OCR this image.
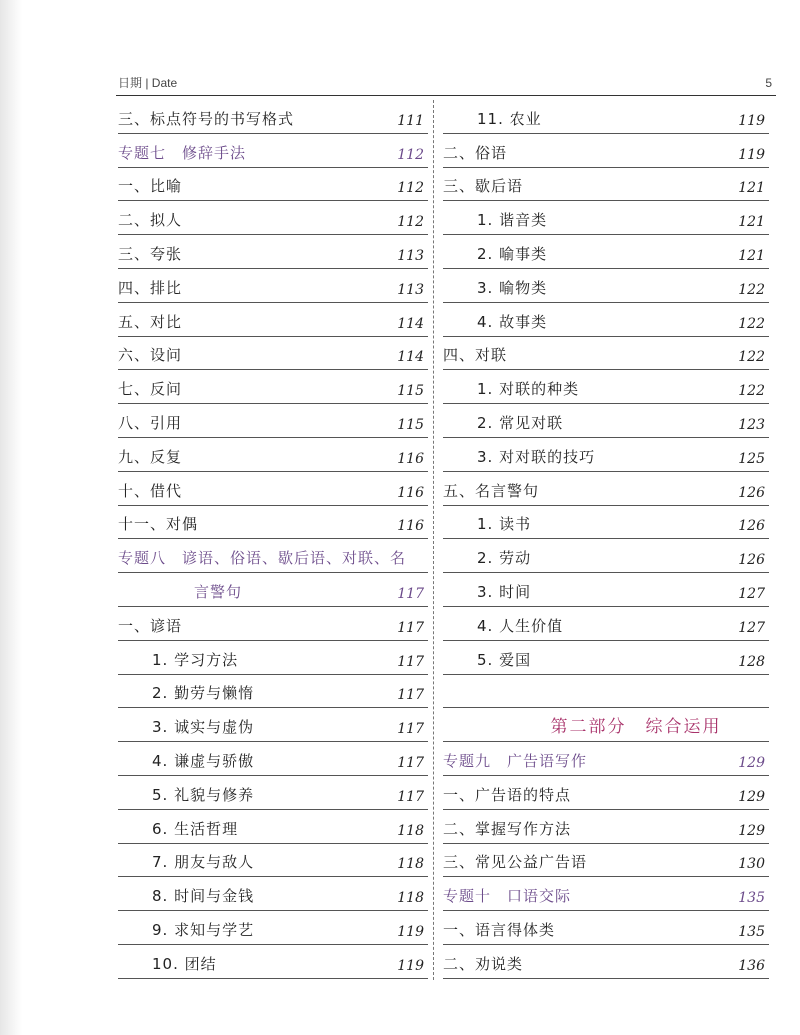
日期 | Date	5
三、标点符号的书写格式	111
专题七　修辞手法	112
一、比喻	112
二、拟人	112
三、夸张	113
四、排比	113
五、对比	114
六、设问	114
七、反问	115
八、引用	115
九、反复	116
十、借代	116
十一、对偶	116
专题八　谚语、俗语、歇后语、对联、名
言警句	117
一、谚语	117
1. 学习方法	117
2. 勤劳与懒惰	117
3. 诚实与虚伪	117
4. 谦虚与骄傲	117
5. 礼貌与修养	117
6. 生活哲理	118
7. 朋友与敌人	118
8. 时间与金钱	118
9. 求知与学艺	119
10. 团结	119
11. 农业	119
二、俗语	119
三、歇后语	121
1. 谐音类	121
2. 喻事类	121
3. 喻物类	122
4. 故事类	122
四、对联	122
1. 对联的种类	122
2. 常见对联	123
3. 对对联的技巧	125
五、名言警句	126
1. 读书	126
2. 劳动	126
3. 时间	127
4. 人生价值	127
5. 爱国	128
第二部分　综合运用
专题九　广告语写作	129
一、广告语的特点	129
二、掌握写作方法	129
三、常见公益广告语	130
专题十　口语交际	135
一、语言得体类	135
二、劝说类	136
